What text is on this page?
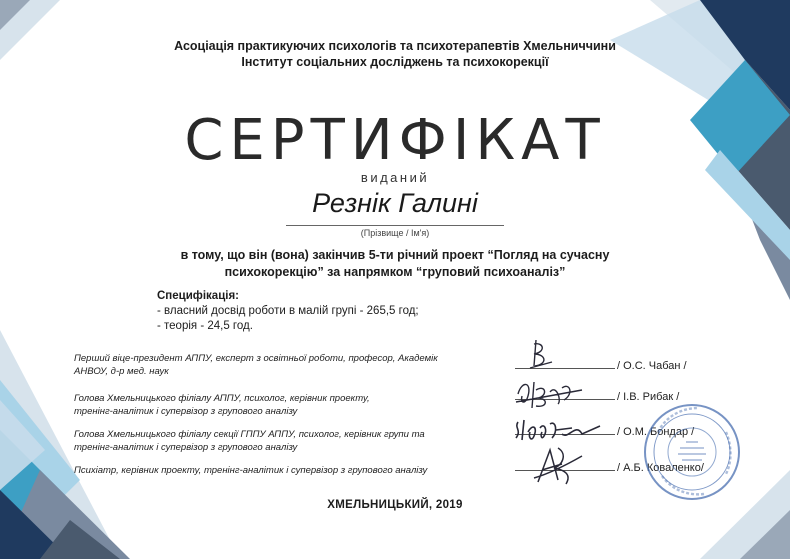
Асоціація практикуючих психологів та психотерапевтів Хмельниччини
Інститут соціальних досліджень та психокорекції
СЕРТИФІКАТ
виданий
Резнік Галині
(Прізвище / Ім'я)
в тому, що він (вона) закінчив 5-ти річний проект “Погляд на сучасну
психокорекцію” за напрямком “груповий психоаналіз”
Специфікація:
- власний досвід роботи в малій групі - 265,5 год;
- теорія - 24,5 год.
Перший віце-президент АППУ, експерт з освітньої роботи, професор, Академік
АНВОУ, д-р мед. наук	/ О.С. Чабан /
Голова Хмельницького філіалу АППУ, психолог, керівник проекту,
тренінг-аналітик і супервізор з групового аналізу
/ І.В. Рибак /
Голова Хмельницького філіалу секції ГППУ АППУ, психолог, керівник групи та
тренінг-аналітик і супервізор з групового аналізу
/ О.М. Бондар /
Психіатр, керівник проекту, тренінг-аналітик і супервізор з групового аналізу	/ А.Б. Коваленко/
ХМЕЛЬНИЦЬКИЙ, 2019
